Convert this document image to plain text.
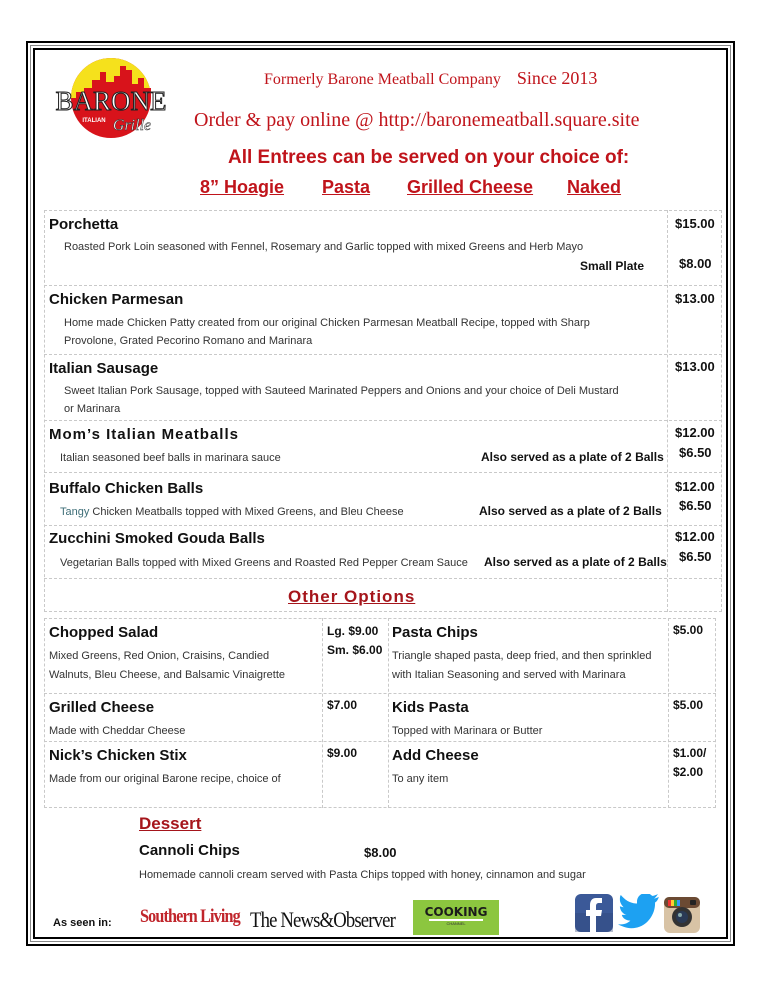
BARONE
ITALIAN Grille
Formerly Barone Meatball Company Since 2013
Order & pay online @ http://baronemeatball.square.site
All Entrees can be served on your choice of:
8” Hoagie Pasta Grilled Cheese Naked
Porchetta
Roasted Pork Loin seasoned with Fennel, Rosemary and Garlic topped with mixed Greens and Herb Mayo
Small Plate
$15.00
$8.00
Chicken Parmesan
Home made Chicken Patty created from our original Chicken Parmesan Meatball Recipe, topped with Sharp
Provolone, Grated Pecorino Romano and Marinara
$13.00
Italian Sausage
Sweet Italian Pork Sausage, topped with Sauteed Marinated Peppers and Onions and your choice of Deli Mustard
or Marinara
$13.00
Mom’s Italian Meatballs
Italian seasoned beef balls in marinara sauce	Also served as a plate of 2 Balls
$12.00
$6.50
Buffalo Chicken Balls
Tangy Chicken Meatballs topped with Mixed Greens, and Bleu Cheese	Also served as a plate of 2 Balls
$12.00
$6.50
Zucchini Smoked Gouda Balls
Vegetarian Balls topped with Mixed Greens and Roasted Red Pepper Cream Sauce Also served as a plate of 2 Balls
$12.00
$6.50
Other Options
Chopped Salad
Mixed Greens, Red Onion, Craisins, Candied
Walnuts, Bleu Cheese, and Balsamic Vinaigrette
Lg. $9.00
Sm. $6.00
Grilled Cheese
Made with Cheddar Cheese
$7.00
Nick’s Chicken Stix
Made from our original Barone recipe, choice of
$9.00
Pasta Chips
Triangle shaped pasta, deep fried, and then sprinkled
with Italian Seasoning and served with Marinara
$5.00
Kids Pasta
Topped with Marinara or Butter
$5.00
Add Cheese
To any item
$1.00/
$2.00
Dessert
Cannoli Chips	$8.00
Homemade cannoli cream served with Pasta Chips topped with honey, cinnamon and sugar
As seen in: Southern Living The News&Observer	COOKING
CHANNEL
